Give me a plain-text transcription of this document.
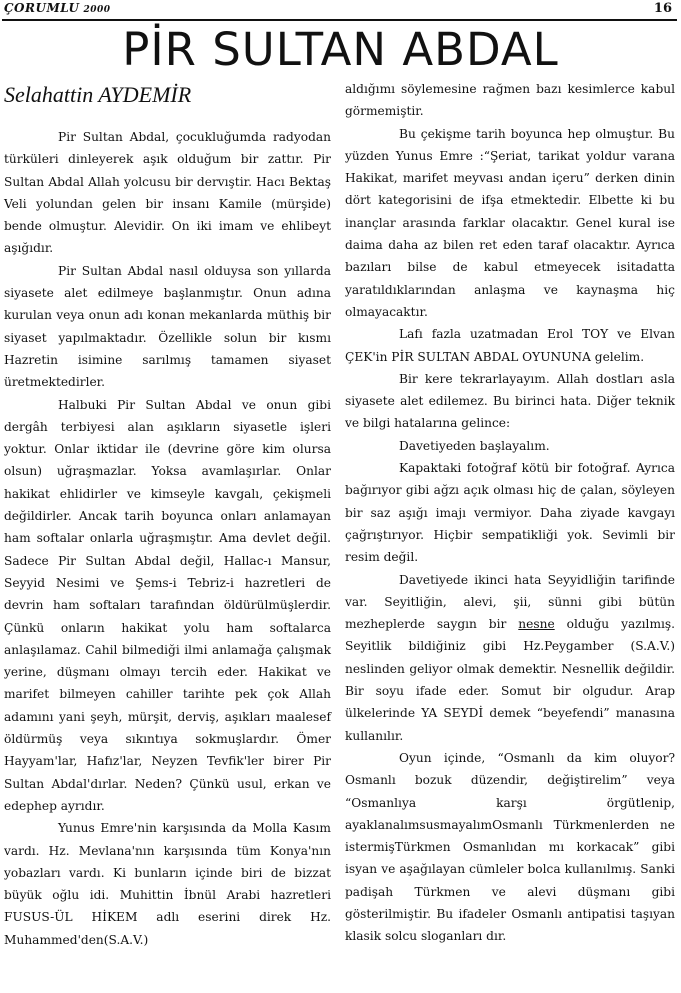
ÇORUMLU 2000	16
PİR SULTAN ABDAL
Selahattin AYDEMİR

Pir Sultan Abdal, çocukluğumda radyodan türküleri dinleyerek aşık olduğum bir zattır. Pir Sultan Abdal Allah yolcusu bir dervıştir. Hacı Bektaş Veli yolundan gelen bir insanı Kamile (mürşide) bende olmuştur. Alevidir. On iki imam ve ehlibeyt aşığıdır.

Pir Sultan Abdal nasıl olduysa son yıllarda siyasete alet edilmeye başlanmıştır. Onun adına kurulan veya onun adı konan mekanlarda müthiş bir siyaset yapılmaktadır. Özellikle solun bir kısmı Hazretin isimine sarılmış tamamen siyaset üretmektedirler.

Halbuki Pir Sultan Abdal ve onun gibi dergâh terbiyesi alan aşıkların siyasetle işleri yoktur. Onlar iktidar ile (devrine göre kim olursa olsun) uğraşmazlar. Yoksa avamlaşırlar. Onlar hakikat ehlidirler ve kimseyle kavgalı, çekişmeli değildirler. Ancak tarih boyunca onları anlamayan ham softalar onlarla uğraşmıştır. Ama devlet değil. Sadece Pir Sultan Abdal değil, Hallac-ı Mansur, Seyyid Nesimi ve Şems-i Tebriz-i hazretleri de devrin ham softaları tarafından öldürülmüşlerdir. Çünkü onların hakikat yolu ham softalarca anlaşılamaz. Cahil bilmediği ilmi anlamağa çalışmak yerine, düşmanı olmayı tercih eder. Hakikat ve marifet bilmeyen cahiller tarihte pek çok Allah adamını yani şeyh, mürşit, derviş, aşıkları maalesef öldürmüş veya sıkıntıya sokmuşlardır. Ömer Hayyam'lar, Hafız'lar, Neyzen Tevfik'ler birer Pir Sultan Abdal'dırlar. Neden? Çünkü usul, erkan ve edephep ayrıdır.

Yunus Emre'nin karşısında da Molla Kasım vardı. Hz. Mevlana'nın karşısında tüm Konya'nın yobazları vardı. Ki bunların içinde biri de bizzat büyük oğlu idi. Muhittin İbnül Arabi hazretleri FUSUS-ÜL HİKEM adlı eserini direk Hz. Muhammed'den(S.A.V.)

aldığımı söylemesine rağmen bazı kesimlerce kabul görmemiştir.

Bu çekişme tarih boyunca hep olmuştur. Bu yüzden Yunus Emre :“Şeriat, tarikat yoldur varana Hakikat, marifet meyvası andan içeru” derken dinin dört kategorisini de ifşa etmektedir. Elbette ki bu inançlar arasında farklar olacaktır. Genel kural ise daima daha az bilen ret eden taraf olacaktır. Ayrıca bazıları bilse de kabul etmeyecek isitadatta yaratıldıklarından anlaşma ve kaynaşma hiç olmayacaktır.

Lafı fazla uzatmadan Erol TOY ve Elvan ÇEK'in PİR SULTAN ABDAL OYUNUNA gelelim.

Bir kere tekrarlayayım. Allah dostları asla siyasete alet edilemez. Bu birinci hata. Diğer teknik ve bilgi hatalarına gelince:

Davetiyeden başlayalım.

Kapaktaki fotoğraf kötü bir fotoğraf. Ayrıca bağırıyor gibi ağzı açık olması hiç de çalan, söyleyen bir saz aşığı imajı vermiyor. Daha ziyade kavgayı çağrıştırıyor. Hiçbir sempatikliği yok. Sevimli bir resim değil.

Davetiyede ikinci hata Seyyidliğin tarifinde var. Seyitliğin, alevi, şii, sünni gibi bütün mezheplerde saygın bir nesne olduğu yazılmış. Seyitlik bildiğiniz gibi Hz.Peygamber (S.A.V.) neslinden geliyor olmak demektir. Nesnellik değildir. Bir soyu ifade eder. Somut bir olgudur. Arap ülkelerinde YA SEYDİ demek “beyefendi” manasına kullanılır.

Oyun içinde, “Osmanlı da kim oluyor? Osmanlı bozuk düzendir, değiştirelim” veya “Osmanlıya karşı örgütlenip, ayaklanalımsusmayalımOsmanlı Türkmenlerden ne istermişTürkmen Osmanlıdan mı korkacak” gibi isyan ve aşağılayan cümleler bolca kullanılmış. Sanki padişah Türkmen ve alevi düşmanı gibi gösterilmiştir. Bu ifadeler Osmanlı antipatisi taşıyan klasik solcu sloganları dır.
